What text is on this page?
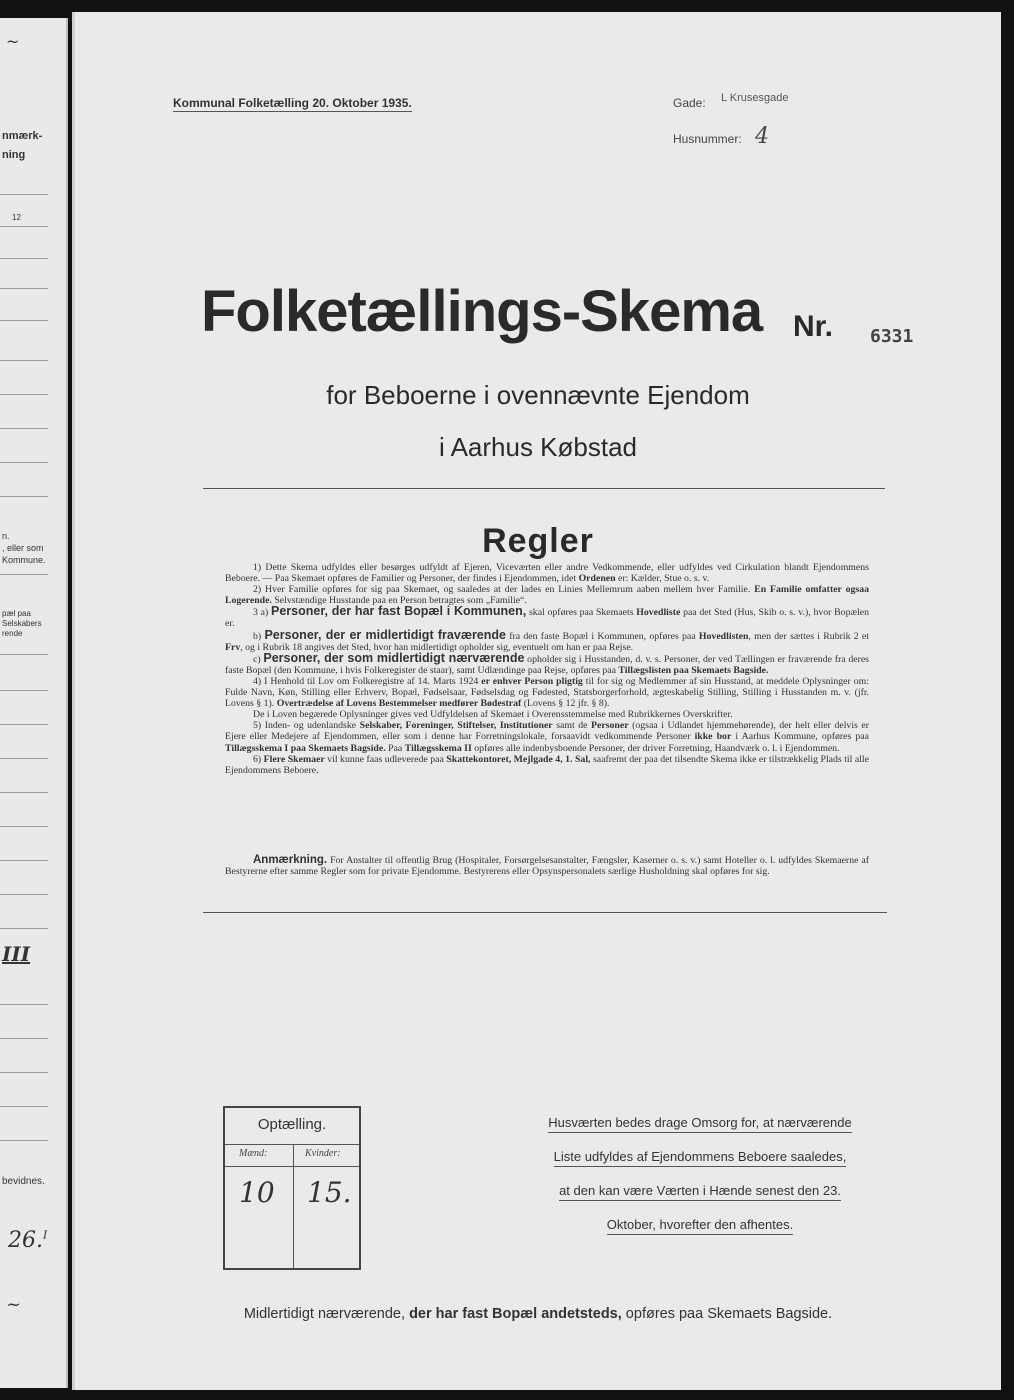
~
nmærk-
ning
12
n.
, eller som
Kommune.
pæl paa
Selskabers
rende
III
bevidnes.
26.$^I$
~
Kommunal Folketælling 20. Oktober 1935.	Gade: L Krusesgade
Husnummer: 4
Folketællings-Skema Nr. 6331
for Beboerne i ovennævnte Ejendom
i Aarhus Købstad
Regler

1) Dette Skema udfyldes eller besørges udfyldt af Ejeren, Viceværten eller andre Vedkommende, eller udfyldes ved Cirkulation blandt Ejendommens Beboere. — Paa Skemaet opføres de Familier og Personer, der findes i Ejendommen, idet Ordenen er: Kælder, Stue o. s. v.

2) Hver Familie opføres for sig paa Skemaet, og saaledes at der lades en Linies Mellemrum aaben mellem hver Familie. En Familie omfatter ogsaa Logerende. Selvstændige Husstande paa en Person betragtes som „Familie“.

3 a) Personer, der har fast Bopæl i Kommunen, skal opføres paa Skemaets Hovedliste paa det Sted (Hus, Skib o. s. v.), hvor Bopælen er.

b) Personer, der er midlertidigt fraværende fra den faste Bopæl i Kommunen, opføres paa Hovedlisten, men der sættes i Rubrik 2 et Frv, og i Rubrik 18 angives det Sted, hvor han midlertidigt opholder sig, eventuelt om han er paa Rejse.

c) Personer, der som midlertidigt nærværende opholder sig i Husstanden, d. v. s. Personer, der ved Tællingen er fraværende fra deres faste Bopæl (den Kommune, i hvis Folkeregister de staar), samt Udlændinge paa Rejse, opføres paa Tillægslisten paa Skemaets Bagside.

4) I Henhold til Lov om Folkeregistre af 14. Marts 1924 er enhver Person pligtig til for sig og Medlemmer af sin Husstand, at meddele Oplysninger om: Fulde Navn, Køn, Stilling eller Erhverv, Bopæl, Fødselsaar, Fødselsdag og Fødested, Statsborgerforhold, ægteskabelig Stilling, Stilling i Husstanden m. v. (jfr. Lovens § 1). Overtrædelse af Lovens Bestemmelser medfører Bødestraf (Lovens § 12 jfr. § 8).

De i Loven begærede Oplysninger gives ved Udfyldelsen af Skemaet i Overensstemmelse med Rubrikkernes Overskrifter.

5) Inden- og udenlandske Selskaber, Foreninger, Stiftelser, Institutioner samt de Personer (ogsaa i Udlandet hjemmehørende), der helt eller delvis er Ejere eller Medejere af Ejendommen, eller som i denne har Forretningslokale, forsaavidt vedkommende Personer ikke bor i Aarhus Kommune, opføres paa Tillægsskema I paa Skemaets Bagside. Paa Tillægsskema II opføres alle indenbysboende Personer, der driver Forretning, Haandværk o. l. i Ejendommen.

6) Flere Skemaer vil kunne faas udleverede paa Skattekontoret, Mejlgade 4, 1. Sal, saafremt der paa det tilsendte Skema ikke er tilstrækkelig Plads til alle Ejendommens Beboere.

Anmærkning. For Anstalter til offentlig Brug (Hospitaler, Forsørgelsesanstalter, Fængsler, Kaserner o. s. v.) samt Hoteller o. l. udfyldes Skemaerne af Bestyrerne efter samme Regler som for private Ejendomme. Bestyrerens eller Opsynspersonalets særlige Husholdning skal opføres for sig.

Optælling.
Mænd:	Kvinder:
10 15.
Husværten bedes drage Omsorg for, at nærværende
Liste udfyldes af Ejendommens Beboere saaledes,
at den kan være Værten i Hænde senest den 23.
Oktober, hvorefter den afhentes.
Midlertidigt nærværende, der har fast Bopæl andetsteds, opføres paa Skemaets Bagside.
